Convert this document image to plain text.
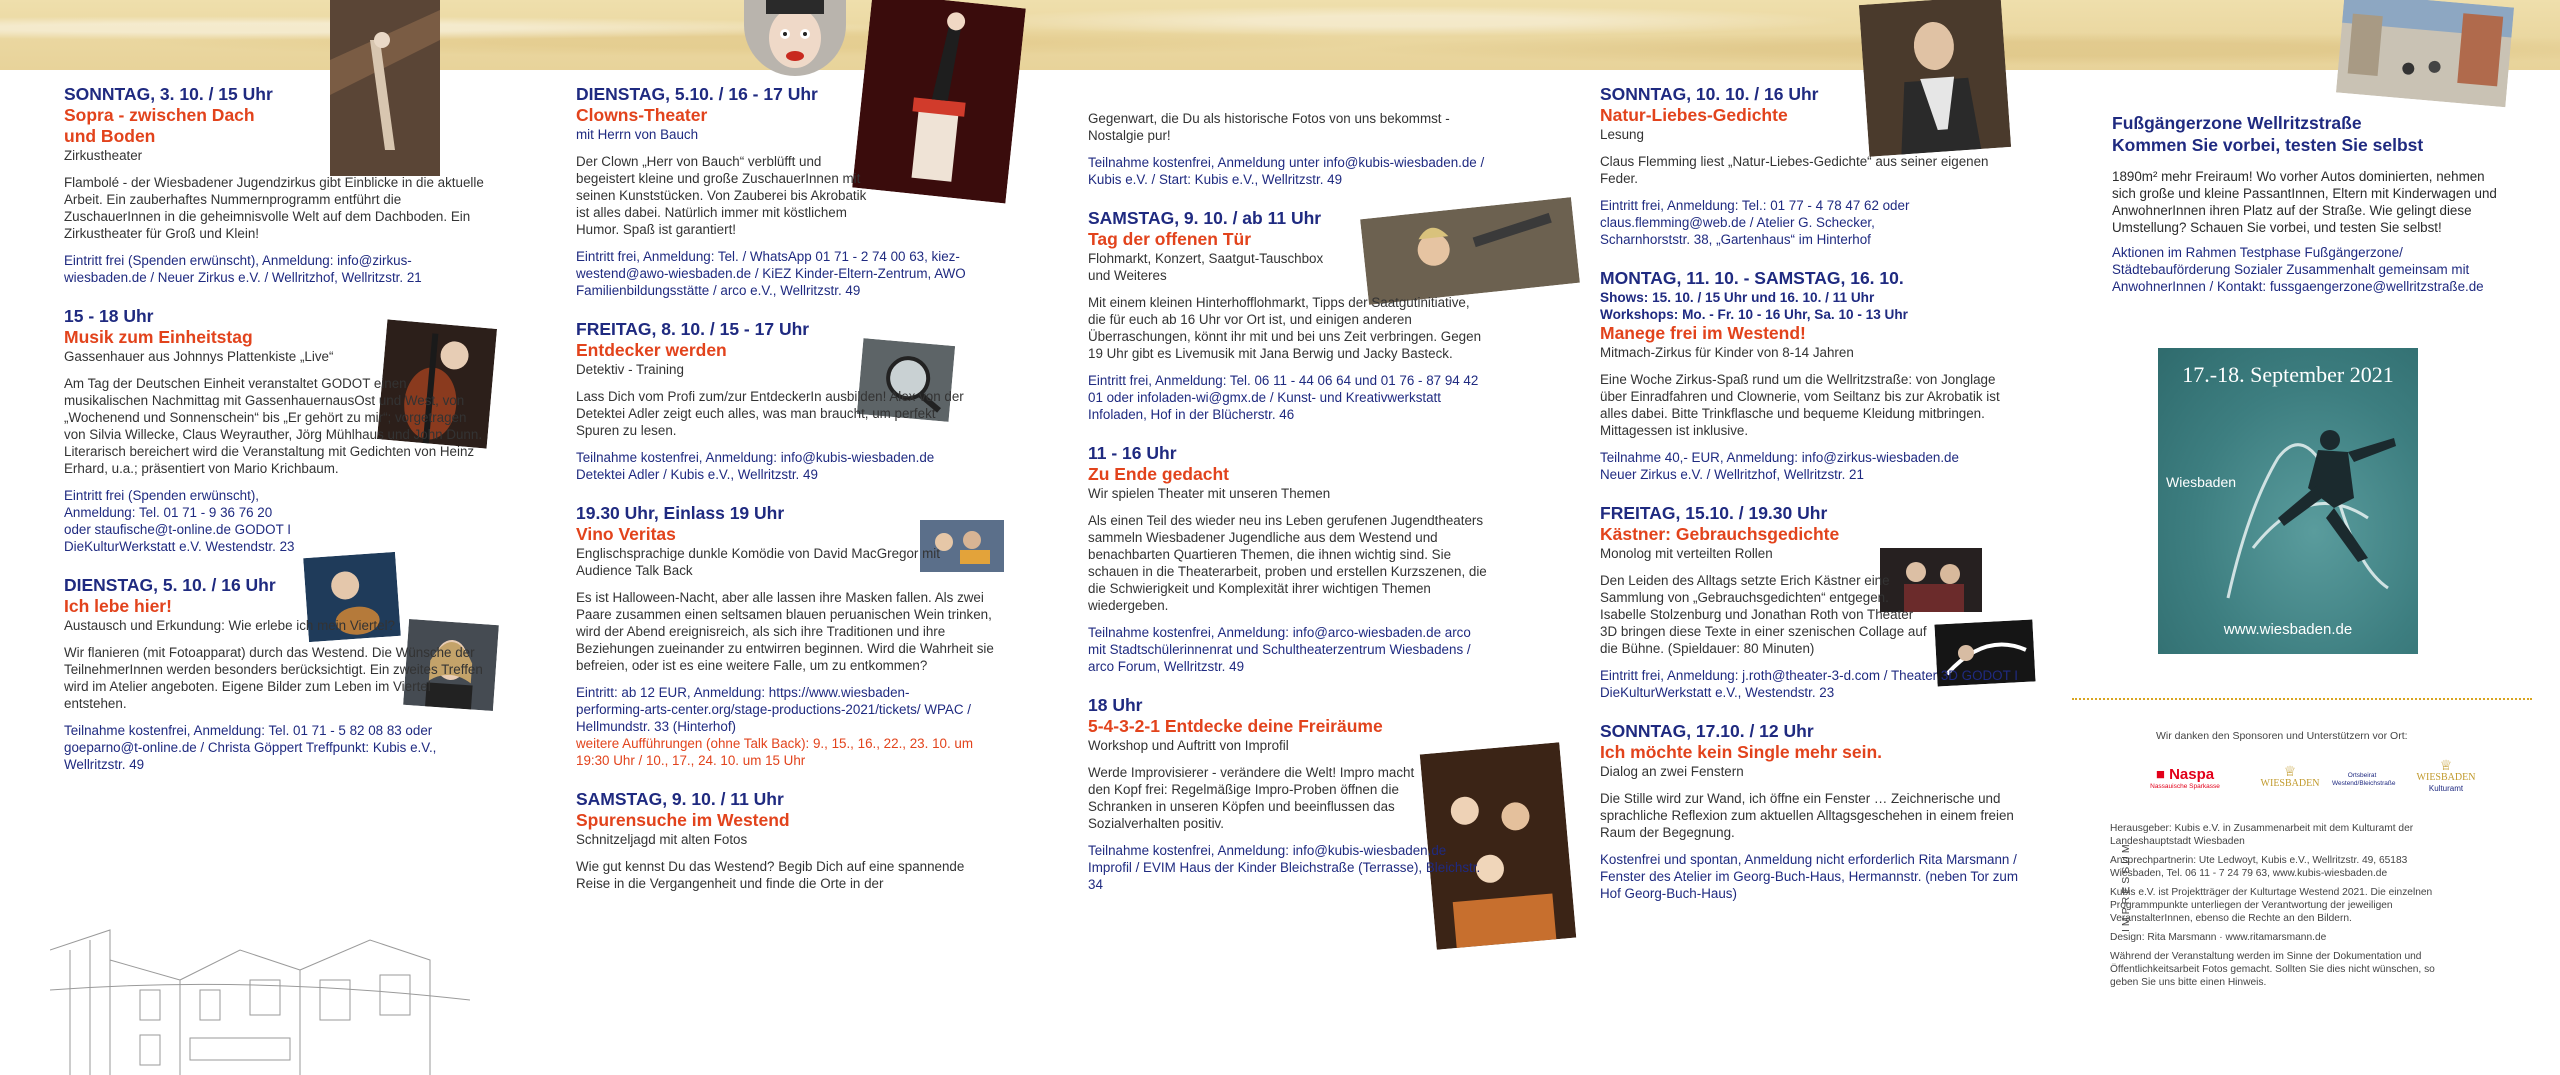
SONNTAG, 3. 10. / 15 Uhr
Sopra - zwischen Dach
und Boden
Zirkustheater
Flambolé - der Wiesbadener Jugendzirkus gibt Einblicke in die aktuelle Arbeit. Ein zauberhaftes Nummernprogramm entführt die ZuschauerInnen in die geheimnisvolle Welt auf dem Dachboden. Ein Zirkustheater für Groß und Klein!
Eintritt frei (Spenden erwünscht), Anmeldung: info@zirkus-wiesbaden.de / Neuer Zirkus e.V. / Wellritzhof, Wellritzstr. 21
15 - 18 Uhr
Musik zum Einheitstag
Gassenhauer aus Johnnys Plattenkiste „Live“
Am Tag der Deutschen Einheit veranstaltet GODOT einen musikalischen Nachmittag mit GassenhauernausOst und West, von „Wochenend und Sonnenschein“ bis „Er gehört zu mir“; vorgetragen von Silvia Willecke, Claus Weyrauther, Jörg Mühlhaus und John Dunn. Literarisch bereichert wird die Veranstaltung mit Gedichten von Heinz Erhard, u.a.; präsentiert von Mario Krichbaum.
Eintritt frei (Spenden erwünscht), Anmeldung: Tel. 01 71 - 9 36 76 20 oder staufische@t-online.de GODOT I DieKulturWerkstatt e.V. Westendstr. 23
DIENSTAG, 5. 10. / 16 Uhr
Ich lebe hier!
Austausch und Erkundung: Wie erlebe ich mein Viertel?
Wir flanieren (mit Fotoapparat) durch das Westend. Die Wünsche der TeilnehmerInnen werden besonders berücksichtigt. Ein zweites Treffen wird im Atelier angeboten. Eigene Bilder zum Leben im Viertel entstehen.
Teilnahme kostenfrei, Anmeldung: Tel. 01 71 - 5 82 08 83 oder goeparno@t-online.de / Christa Göppert Treffpunkt: Kubis e.V., Wellritzstr. 49
DIENSTAG, 5.10. / 16 - 17 Uhr
Clowns-Theater
mit Herrn von Bauch
Der Clown „Herr von Bauch“ verblüfft und begeistert kleine und große ZuschauerInnen mit seinen Kunststücken. Von Zauberei bis Akrobatik ist alles dabei. Natürlich immer mit köstlichem Humor. Spaß ist garantiert!
Eintritt frei, Anmeldung: Tel. / WhatsApp 01 71 - 2 74 00 63, kiez-westend@awo-wiesbaden.de / KiEZ Kinder-Eltern-Zentrum, AWO Familienbildungsstätte / arco e.V., Wellritzstr. 49
FREITAG, 8. 10. / 15 - 17 Uhr
Entdecker werden
Detektiv - Training
Lass Dich vom Profi zum/zur EntdeckerIn ausbilden! Alex von der Detektei Adler zeigt euch alles, was man braucht, um perfekt Spuren zu lesen.
Teilnahme kostenfrei, Anmeldung: info@kubis-wiesbaden.de Detektei Adler / Kubis e.V., Wellritzstr. 49
19.30 Uhr, Einlass 19 Uhr
Vino Veritas
Englischsprachige dunkle Komödie von David MacGregor mit Audience Talk Back
Es ist Halloween-Nacht, aber alle lassen ihre Masken fallen. Als zwei Paare zusammen einen seltsamen blauen peruanischen Wein trinken, wird der Abend ereignisreich, als sich ihre Traditionen und ihre Beziehungen zueinander zu entwirren beginnen. Wird die Wahrheit sie befreien, oder ist es eine weitere Falle, um zu entkommen?
Eintritt: ab 12 EUR, Anmeldung: https://www.wiesbaden-performing-arts-center.org/stage-productions-2021/tickets/ WPAC / Hellmundstr. 33 (Hinterhof)
weitere Aufführungen (ohne Talk Back): 9., 15., 16., 22., 23. 10. um 19:30 Uhr / 10., 17., 24. 10. um 15 Uhr
SAMSTAG, 9. 10. / 11 Uhr
Spurensuche im Westend
Schnitzeljagd mit alten Fotos
Wie gut kennst Du das Westend? Begib Dich auf eine spannende Reise in die Vergangenheit und finde die Orte in der
Gegenwart, die Du als historische Fotos von uns bekommst - Nostalgie pur!
Teilnahme kostenfrei, Anmeldung unter info@kubis-wiesbaden.de / Kubis e.V. / Start: Kubis e.V., Wellritzstr. 49
SAMSTAG, 9. 10. / ab 11 Uhr
Tag der offenen Tür
Flohmarkt, Konzert, Saatgut-Tauschbox und Weiteres
Mit einem kleinen Hinterhofflohmarkt, Tipps der Saatgutinitiative, die für euch ab 16 Uhr vor Ort ist, und einigen anderen Überraschungen, könnt ihr mit und bei uns Zeit verbringen. Gegen 19 Uhr gibt es Livemusik mit Jana Berwig und Jacky Basteck.
Eintritt frei, Anmeldung: Tel. 06 11 - 44 06 64 und 01 76 - 87 94 42 01 oder infoladen-wi@gmx.de / Kunst- und Kreativwerkstatt Infoladen, Hof in der Blücherstr. 46
11 - 16 Uhr
Zu Ende gedacht
Wir spielen Theater mit unseren Themen
Als einen Teil des wieder neu ins Leben gerufenen Jugendtheaters sammeln Wiesbadener Jugendliche aus dem Westend und benachbarten Quartieren Themen, die ihnen wichtig sind. Sie schauen in die Theaterarbeit, proben und erstellen Kurzszenen, die die Schwierigkeit und Komplexität ihrer wichtigen Themen wiedergeben.
Teilnahme kostenfrei, Anmeldung: info@arco-wiesbaden.de arco mit Stadtschülerinnenrat und Schultheaterzentrum Wiesbadens / arco Forum, Wellritzstr. 49
18 Uhr
5-4-3-2-1 Entdecke deine Freiräume
Workshop und Auftritt von Improfil
Werde Improvisierer - verändere die Welt! Impro macht den Kopf frei: Regelmäßige Impro-Proben öffnen die Schranken in unseren Köpfen und beeinflussen das Sozialverhalten positiv.
Teilnahme kostenfrei, Anmeldung: info@kubis-wiesbaden.de Improfil / EVIM Haus der Kinder Bleichstraße (Terrasse), Bleichstr. 34
SONNTAG, 10. 10. / 16 Uhr
Natur-Liebes-Gedichte
Lesung
Claus Flemming liest „Natur-Liebes-Gedichte“ aus seiner eigenen Feder.
Eintritt frei, Anmeldung: Tel.: 01 77 - 4 78 47 62 oder claus.flemming@web.de / Atelier G. Schecker, Scharnhorststr. 38, „Gartenhaus“ im Hinterhof
MONTAG, 11. 10. - SAMSTAG, 16. 10.
Shows: 15. 10. / 15 Uhr und 16. 10. / 11 Uhr
Workshops: Mo. - Fr. 10 - 16 Uhr, Sa. 10 - 13 Uhr
Manege frei im Westend!
Mitmach-Zirkus für Kinder von 8-14 Jahren
Eine Woche Zirkus-Spaß rund um die Wellritzstraße: von Jonglage über Einradfahren und Clownerie, vom Seiltanz bis zur Akrobatik ist alles dabei. Bitte Trinkflasche und bequeme Kleidung mitbringen. Mittagessen ist inklusive.
Teilnahme 40,- EUR, Anmeldung: info@zirkus-wiesbaden.de Neuer Zirkus e.V. / Wellritzhof, Wellritzstr. 21
FREITAG, 15.10. / 19.30 Uhr
Kästner: Gebrauchsgedichte
Monolog mit verteilten Rollen
Den Leiden des Alltags setzte Erich Kästner eine Sammlung von „Gebrauchsgedichten“ entgegen. Isabelle Stolzenburg und Jonathan Roth von Theater 3D bringen diese Texte in einer szenischen Collage auf die Bühne. (Spieldauer: 80 Minuten)
Eintritt frei, Anmeldung: j.roth@theater-3-d.com / Theater 3D GODOT I DieKulturWerkstatt e.V., Westendstr. 23
SONNTAG, 17.10. / 12 Uhr
Ich möchte kein Single mehr sein.
Dialog an zwei Fenstern
Die Stille wird zur Wand, ich öffne ein Fenster … Zeichnerische und sprachliche Reflexion zum aktuellen Alltagsgeschehen in einem freien Raum der Begegnung.
Kostenfrei und spontan, Anmeldung nicht erforderlich Rita Marsmann / Fenster des Atelier im Georg-Buch-Haus, Hermannstr. (neben Tor zum Hof Georg-Buch-Haus)
Fußgängerzone Wellritzstraße
Kommen Sie vorbei, testen Sie selbst
1890m² mehr Freiraum! Wo vorher Autos dominierten, nehmen sich große und kleine PassantInnen, Eltern mit Kinderwagen und AnwohnerInnen ihren Platz auf der Straße. Wie gelingt diese Umstellung? Schauen Sie vorbei, und testen Sie selbst!
Aktionen im Rahmen Testphase Fußgängerzone/ Städtebauförderung Sozialer Zusammenhalt gemeinsam mit AnwohnerInnen / Kontakt: fussgaengerzone@wellritzstraße.de
17.-18. September 2021
Wiesbaden
www.wiesbaden.de
Wir danken den Sponsoren und Unterstützern vor Ort:
■ Naspa
Nassauische Sparkasse
♕
WIESBADEN
Ortsbeirat Westend/Bleichstraße
♕
WIESBADEN
Kulturamt
IMPRESSUM

Herausgeber: Kubis e.V. in Zusammenarbeit mit dem Kulturamt der Landeshauptstadt Wiesbaden

Ansprechpartnerin: Ute Ledwoyt, Kubis e.V., Wellritzstr. 49, 65183 Wiesbaden, Tel. 06 11 - 7 24 79 63, www.kubis-wiesbaden.de

Kubis e.V. ist Projektträger der Kulturtage Westend 2021. Die einzelnen Programmpunkte unterliegen der Verantwortung der jeweiligen VeranstalterInnen, ebenso die Rechte an den Bildern.

Design: Rita Marsmann · www.ritamarsmann.de

Während der Veranstaltung werden im Sinne der Dokumentation und Öffentlichkeitsarbeit Fotos gemacht. Sollten Sie dies nicht wünschen, so geben Sie uns bitte einen Hinweis.
